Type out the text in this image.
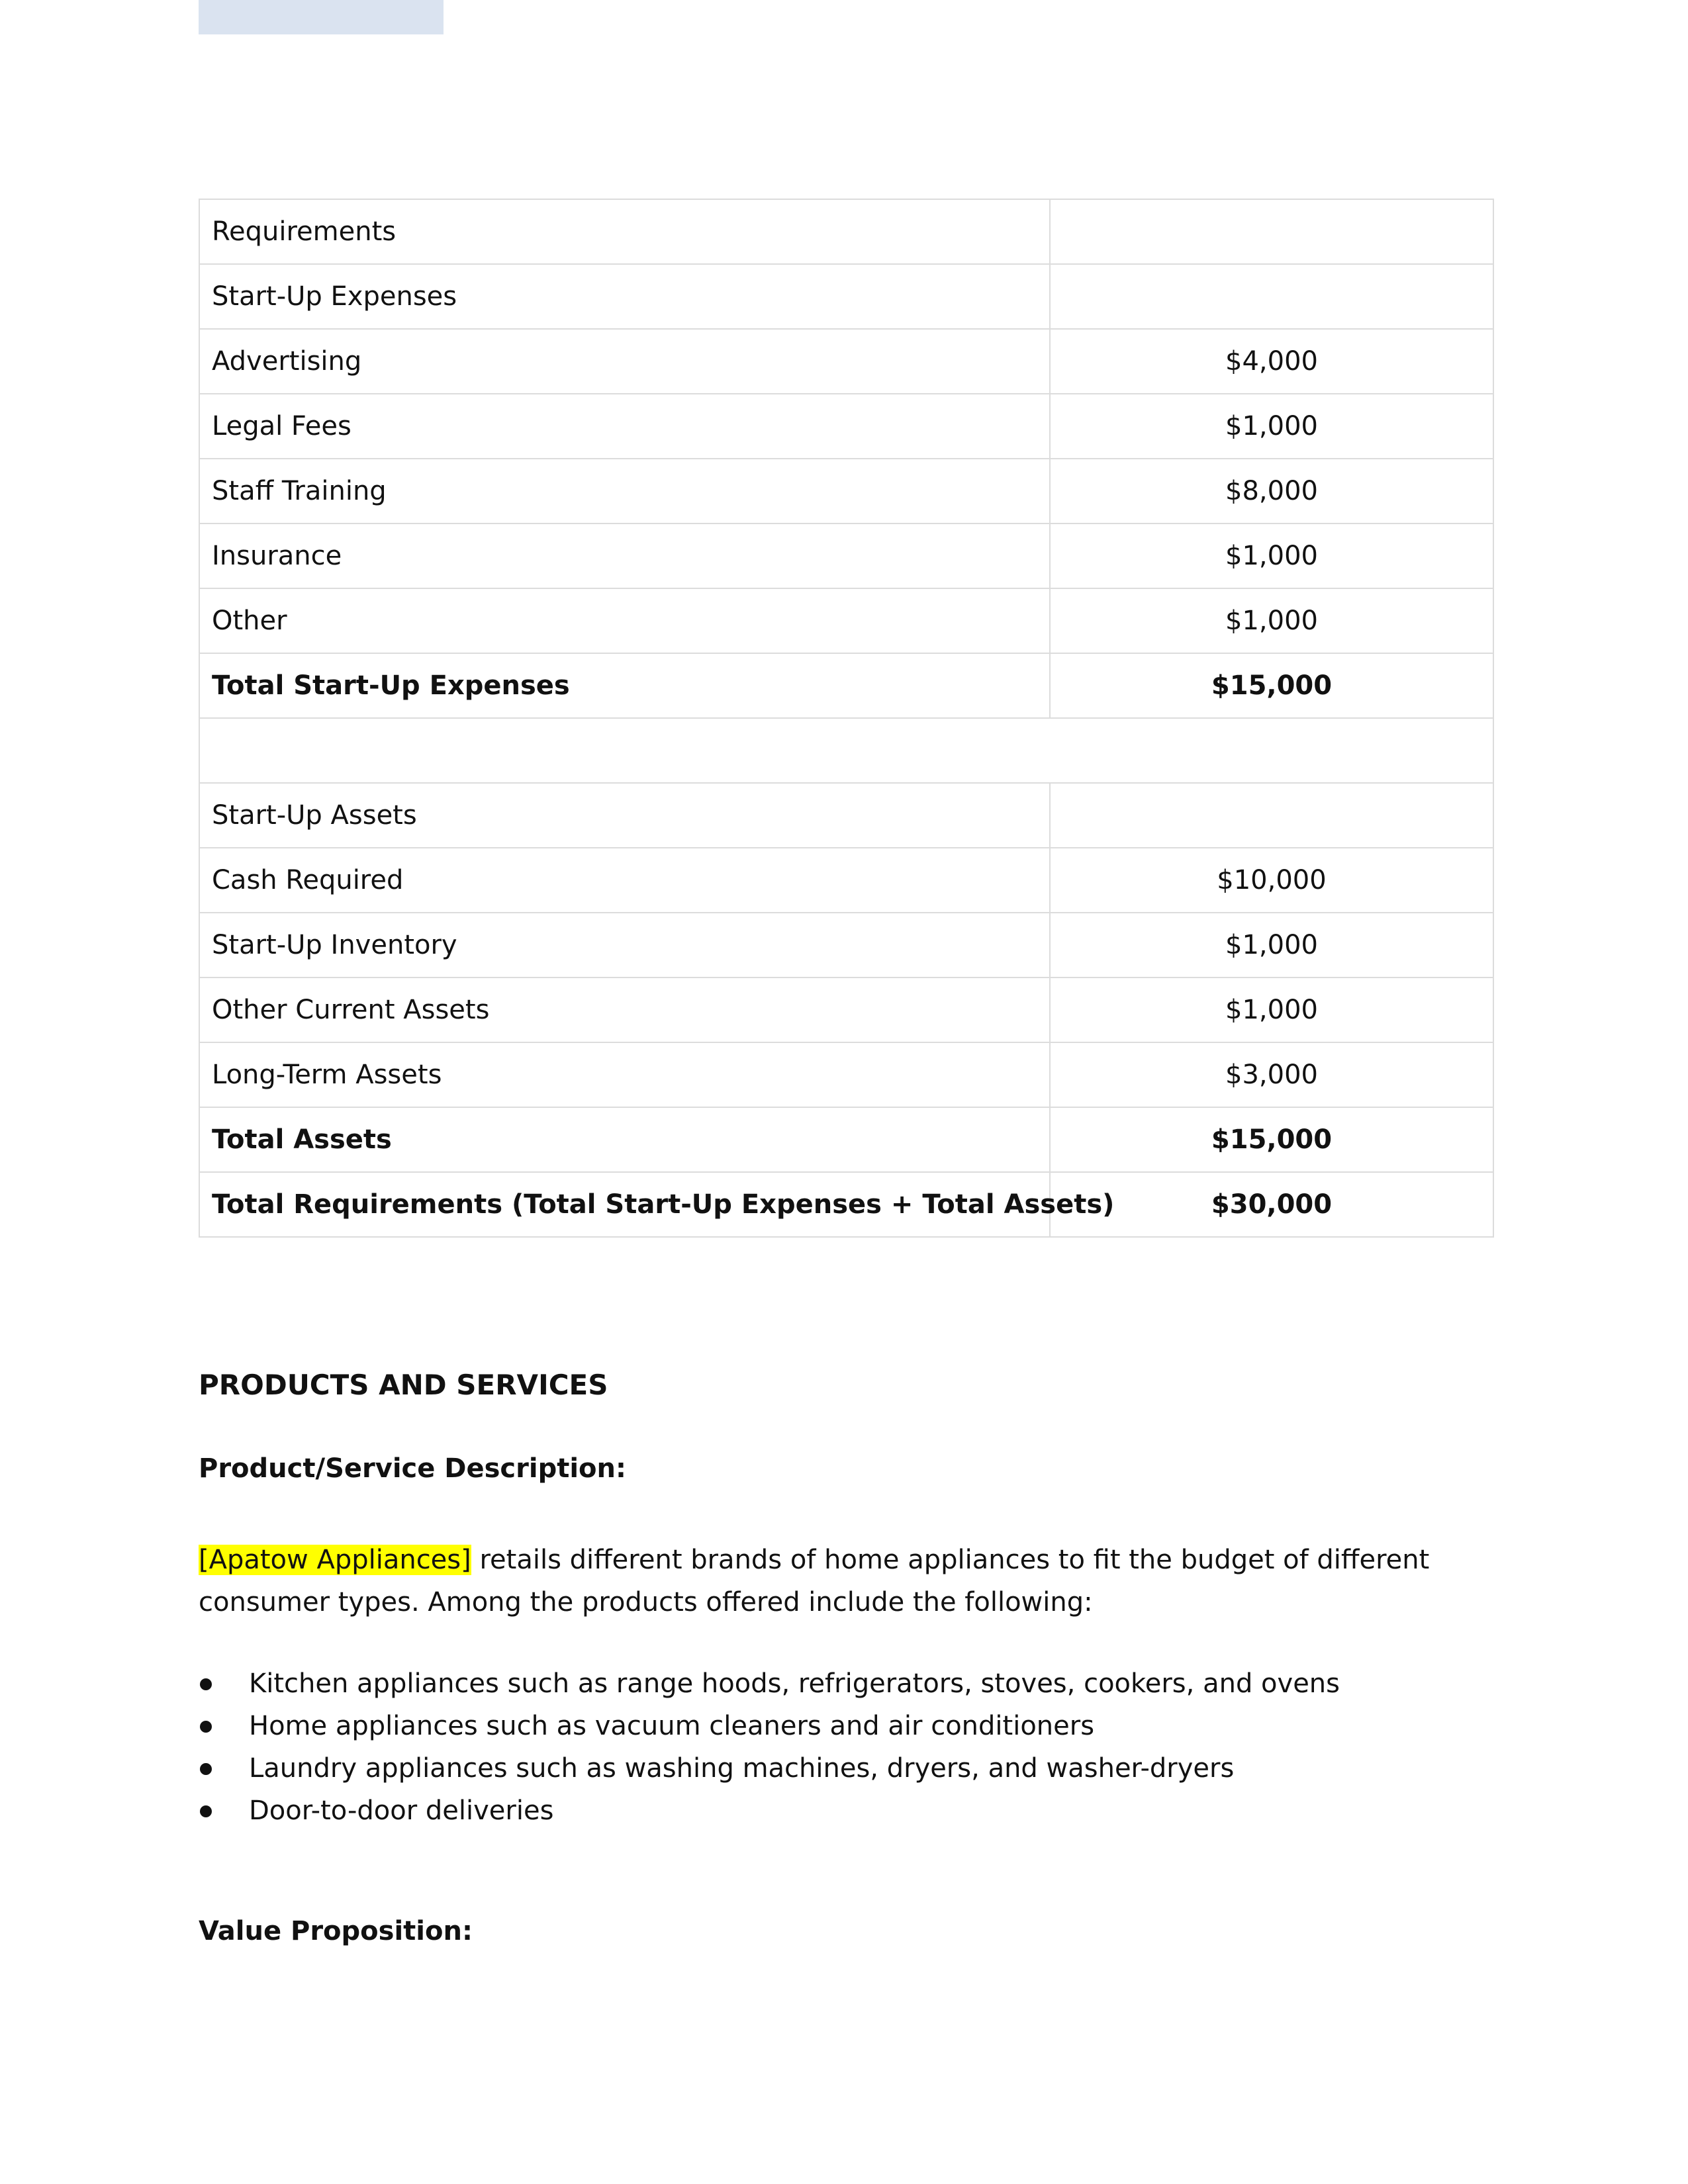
Requirements	
Start-Up Expenses	
Advertising	$4,000
Legal Fees	$1,000
Staff Training	$8,000
Insurance	$1,000
Other	$1,000
Total Start-Up Expenses	$15,000

Start-Up Assets	
Cash Required	$10,000
Start-Up Inventory	$1,000
Other Current Assets	$1,000
Long-Term Assets	$3,000
Total Assets	$15,000
Total Requirements (Total Start-Up Expenses + Total Assets)	$30,000
PRODUCTS AND SERVICES
Product/Service Description:

[Apatow Appliances] retails different brands of home appliances to fit the budget of different consumer types. Among the products offered include the following:

Kitchen appliances such as range hoods, refrigerators, stoves, cookers, and ovens
Home appliances such as vacuum cleaners and air conditioners
Laundry appliances such as washing machines, dryers, and washer-dryers
Door-to-door deliveries
Value Proposition:
